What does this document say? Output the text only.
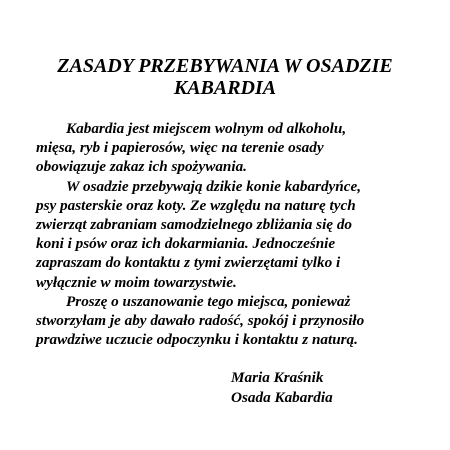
ZASADY PRZEBYWANIA W OSADZIE
KABARDIA
Kabardia jest miejscem wolnym od alkoholu,
mięsa, ryb i papierosów, więc na terenie osady
obowiązuje zakaz ich spożywania.
W osadzie przebywają dzikie konie kabardyńce,
psy pasterskie oraz koty. Ze względu na naturę tych
zwierząt zabraniam samodzielnego zbliżania się do
koni i psów oraz ich dokarmiania. Jednocześnie
zapraszam do kontaktu z tymi zwierzętami tylko i
wyłącznie w moim towarzystwie.
Proszę o uszanowanie tego miejsca, ponieważ
stworzyłam je aby dawało radość, spokój i przynosiło
prawdziwe uczucie odpoczynku i kontaktu z naturą.
Maria Kraśnik
Osada Kabardia
